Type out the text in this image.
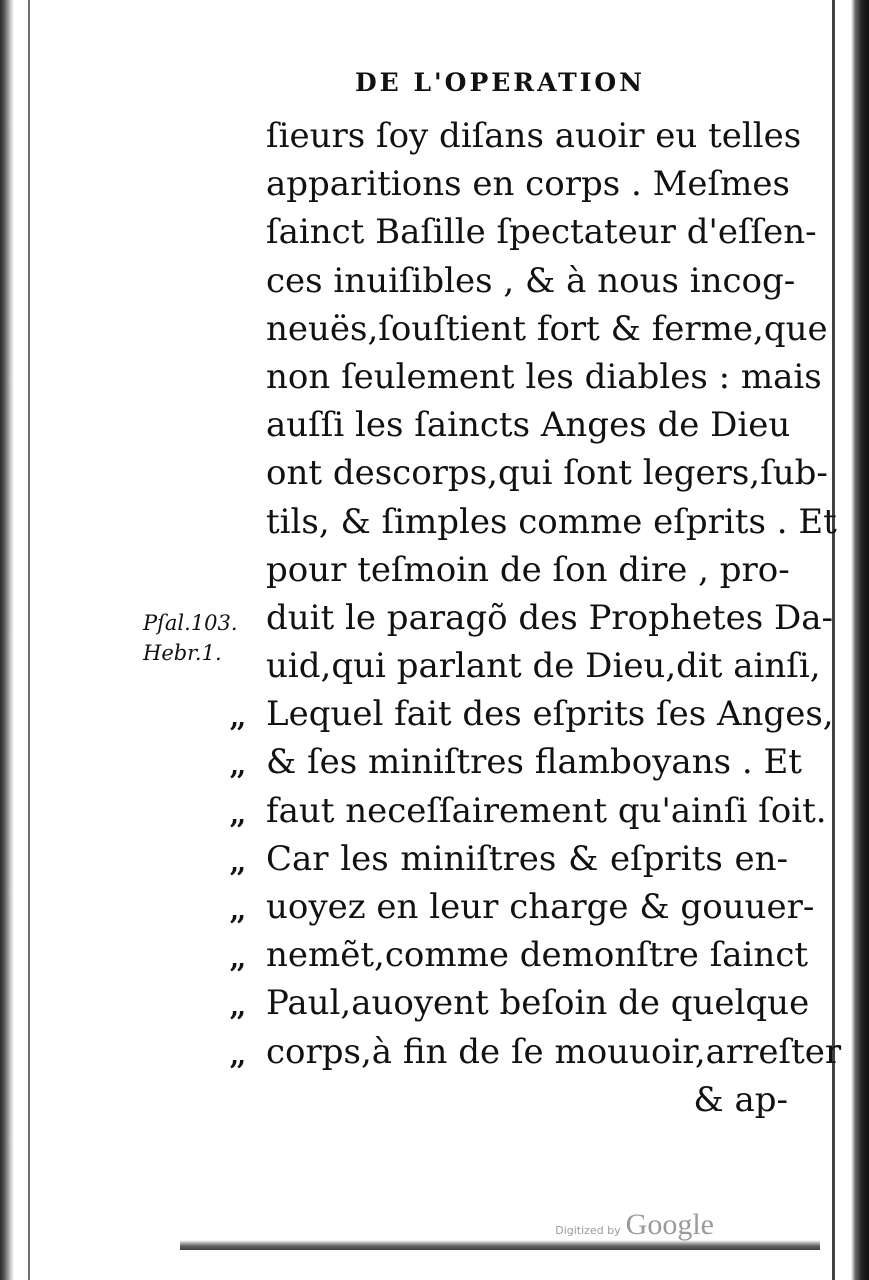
DE L'OPERATION
ſieurs ſoy diſans auoir eu telles
apparitions en corps . Meſmes
ſainct Baſille ſpectateur d'eſſen-
ces inuiſibles , & à nous incog-
neuës,ſouſtient fort & ferme,que
non ſeulement les diables : mais
auſſi les ſaincts Anges de Dieu
ont descorps,qui ſont legers,ſub-
tils, & ſimples comme eſprits . Et
pour teſmoin de ſon dire , pro-
duit le paragõ des Prophetes Da-
uid,qui parlant de Dieu,dit ainſi,
,, Lequel fait des eſprits ſes Anges,
,, & ſes miniſtres flamboyans . Et
,, faut neceſſairement qu'ainſi ſoit.
,, Car les miniſtres & eſprits en-
,, uoyez en leur charge & gouuer-
,, nemẽt,comme demonſtre ſainct
,, Paul,auoyent beſoin de quelque
,, corps,à fin de ſe mouuoir,arreſter
& ap-
Pſal.103.
Hebr.1.
Digitized by Google
